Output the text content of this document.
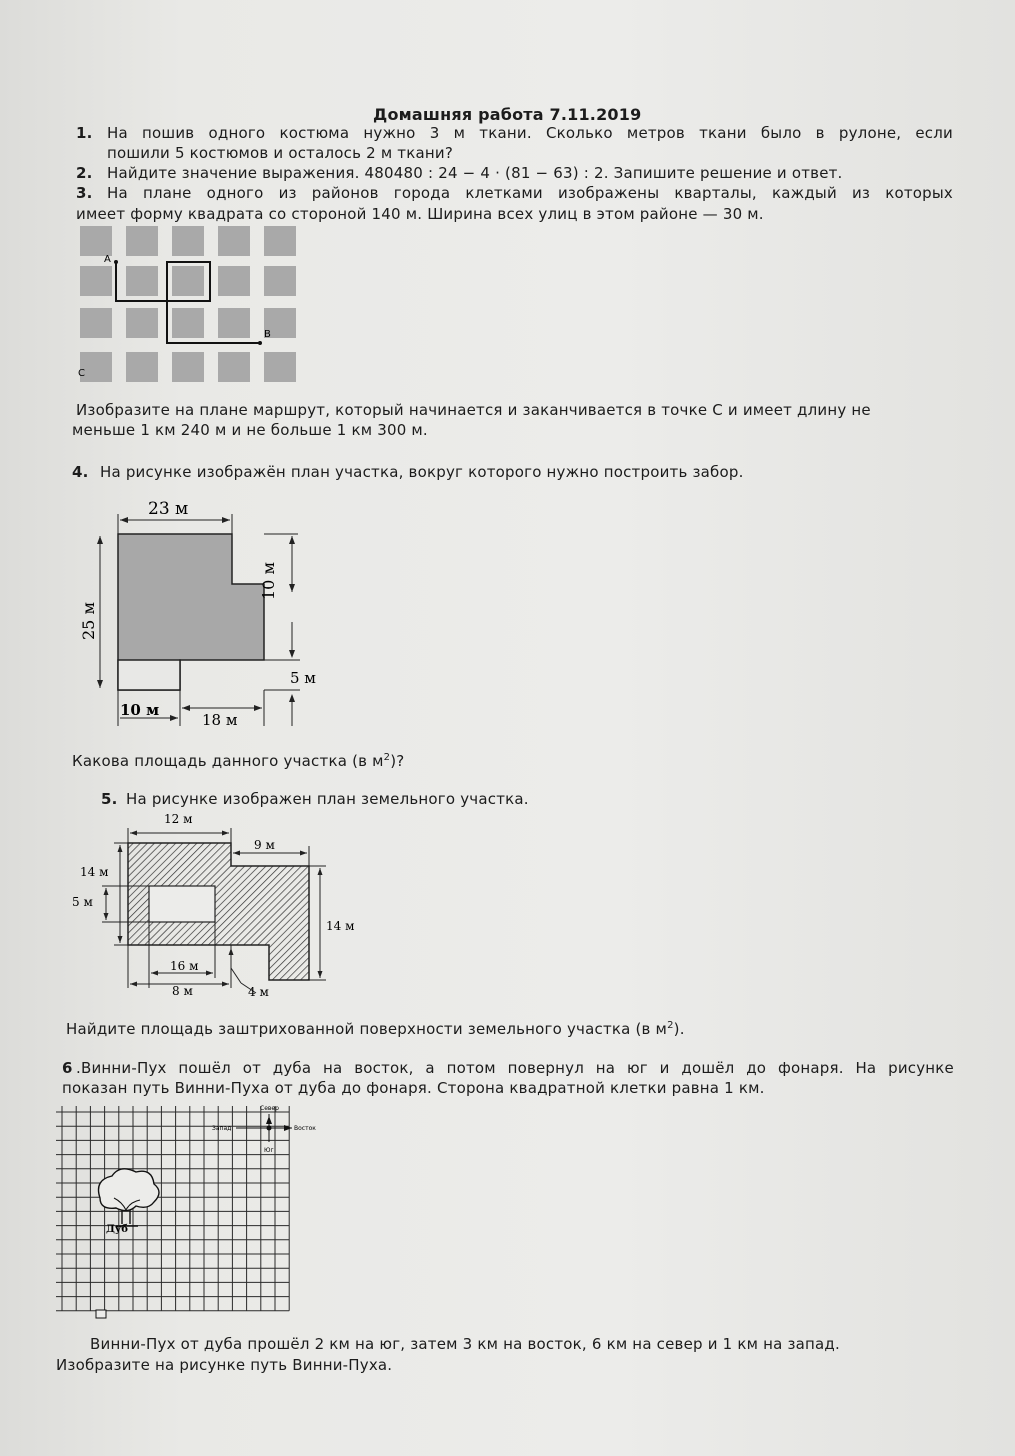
Домашняя работа 7.11.2019
1. На пошив одного костюма нужно 3 м ткани. Сколько метров ткани было в рулоне, если
пошили 5 костюмов и осталось 2 м ткани?
2. Найдите значение выражения. 480480 : 24 − 4 · (81 − 63) : 2. Запишите решение и ответ.
3. На плане одного из районов города клетками изображены кварталы, каждый из которых
имеет форму квадрата со стороной 140 м. Ширина всех улиц в этом районе — 30 м.
A
B
C
Изобразите на плане маршрут, который начинается и заканчивается в точке С и имеет длину не
меньше 1 км 240 м и не больше 1 км 300 м.
4. На рисунке изображён план участка, вокруг которого нужно построить забор.
23 м
10 м
25 м
5 м
10 м
18 м
Какова площадь данного участка (в $м^2$)?
5. На рисунке изображен план земельного участка.
12 м
9 м
14 м
5 м
14 м
16 м
8 м	4 м
Найдите площадь заштрихованной поверхности земельного участка (в $м^2$).
6 .Винни-Пух пошёл от дуба на восток, а потом повернул на юг и дошёл до фонаря. На рисунке
показан путь Винни-Пуха от дуба до фонаря. Сторона квадратной клетки равна 1 км.
Север
Запад	Восток
Юг
Дуб
Винни-Пух от дуба прошёл 2 км на юг, затем 3 км на восток, 6 км на север и 1 км на запад.
Изобразите на рисунке путь Винни-Пуха.
